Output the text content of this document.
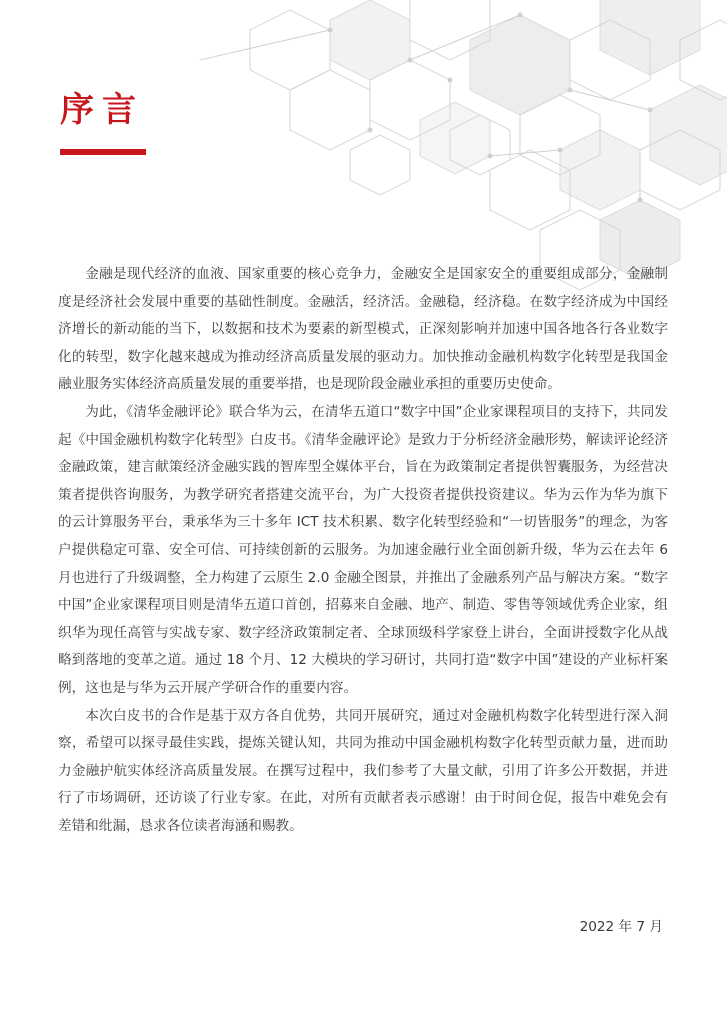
序言

金融是现代经济的血液、国家重要的核心竞争力，金融安全是国家安全的重要组成部分，金融制度是经济社会发展中重要的基础性制度。金融活，经济活。金融稳，经济稳。在数字经济成为中国经济增长的新动能的当下，以数据和技术为要素的新型模式，正深刻影响并加速中国各地各行各业数字化的转型，数字化越来越成为推动经济高质量发展的驱动力。加快推动金融机构数字化转型是我国金融业服务实体经济高质量发展的重要举措，也是现阶段金融业承担的重要历史使命。

为此，《清华金融评论》联合华为云，在清华五道口“数字中国”企业家课程项目的支持下，共同发起《中国金融机构数字化转型》白皮书。《清华金融评论》是致力于分析经济金融形势，解读评论经济金融政策，建言献策经济金融实践的智库型全媒体平台，旨在为政策制定者提供智囊服务，为经营决策者提供咨询服务，为教学研究者搭建交流平台，为广大投资者提供投资建议。华为云作为华为旗下的云计算服务平台，秉承华为三十多年 ICT 技术积累、数字化转型经验和“一切皆服务”的理念，为客户提供稳定可靠、安全可信、可持续创新的云服务。为加速金融行业全面创新升级，华为云在去年 6 月也进行了升级调整，全力构建了云原生 2.0 金融全图景，并推出了金融系列产品与解决方案。“数字中国”企业家课程项目则是清华五道口首创，招募来自金融、地产、制造、零售等领域优秀企业家，组织华为现任高管与实战专家、数字经济政策制定者、全球顶级科学家登上讲台，全面讲授数字化从战略到落地的变革之道。通过 18 个月、12 大模块的学习研讨，共同打造“数字中国”建设的产业标杆案例，这也是与华为云开展产学研合作的重要内容。

本次白皮书的合作是基于双方各自优势，共同开展研究，通过对金融机构数字化转型进行深入洞察，希望可以探寻最佳实践，提炼关键认知，共同为推动中国金融机构数字化转型贡献力量，进而助力金融护航实体经济高质量发展。在撰写过程中，我们参考了大量文献，引用了许多公开数据，并进行了市场调研，还访谈了行业专家。在此，对所有贡献者表示感谢！由于时间仓促，报告中难免会有差错和纰漏，恳求各位读者海涵和赐教。

2022 年 7 月
